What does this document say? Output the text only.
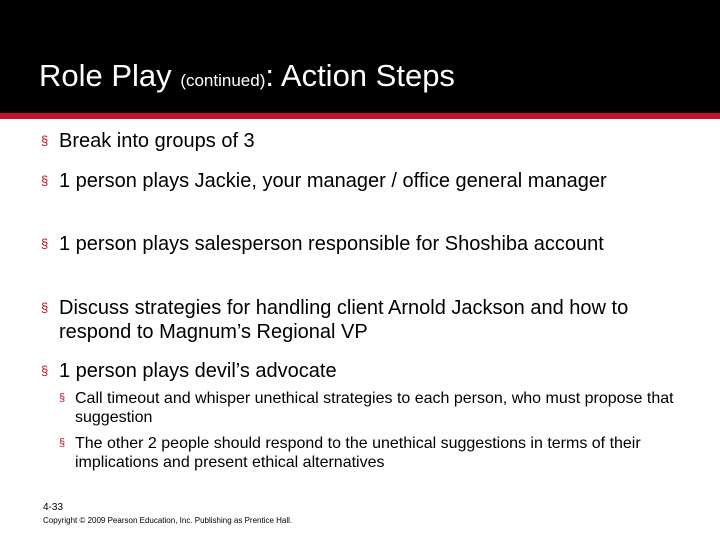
Role Play (continued): Action Steps
§ Break into groups of 3
§ 1 person plays Jackie, your manager / office general manager
§ 1 person plays salesperson responsible for Shoshiba account
§ Discuss strategies for handling client Arnold Jackson and how to respond to Magnum’s Regional VP
§ 1 person plays devil’s advocate
§ Call timeout and whisper unethical strategies to each person, who must propose that suggestion
§ The other 2 people should respond to the unethical suggestions in terms of their implications and present ethical alternatives
4-33
Copyright © 2009 Pearson Education, Inc. Publishing as Prentice Hall.
